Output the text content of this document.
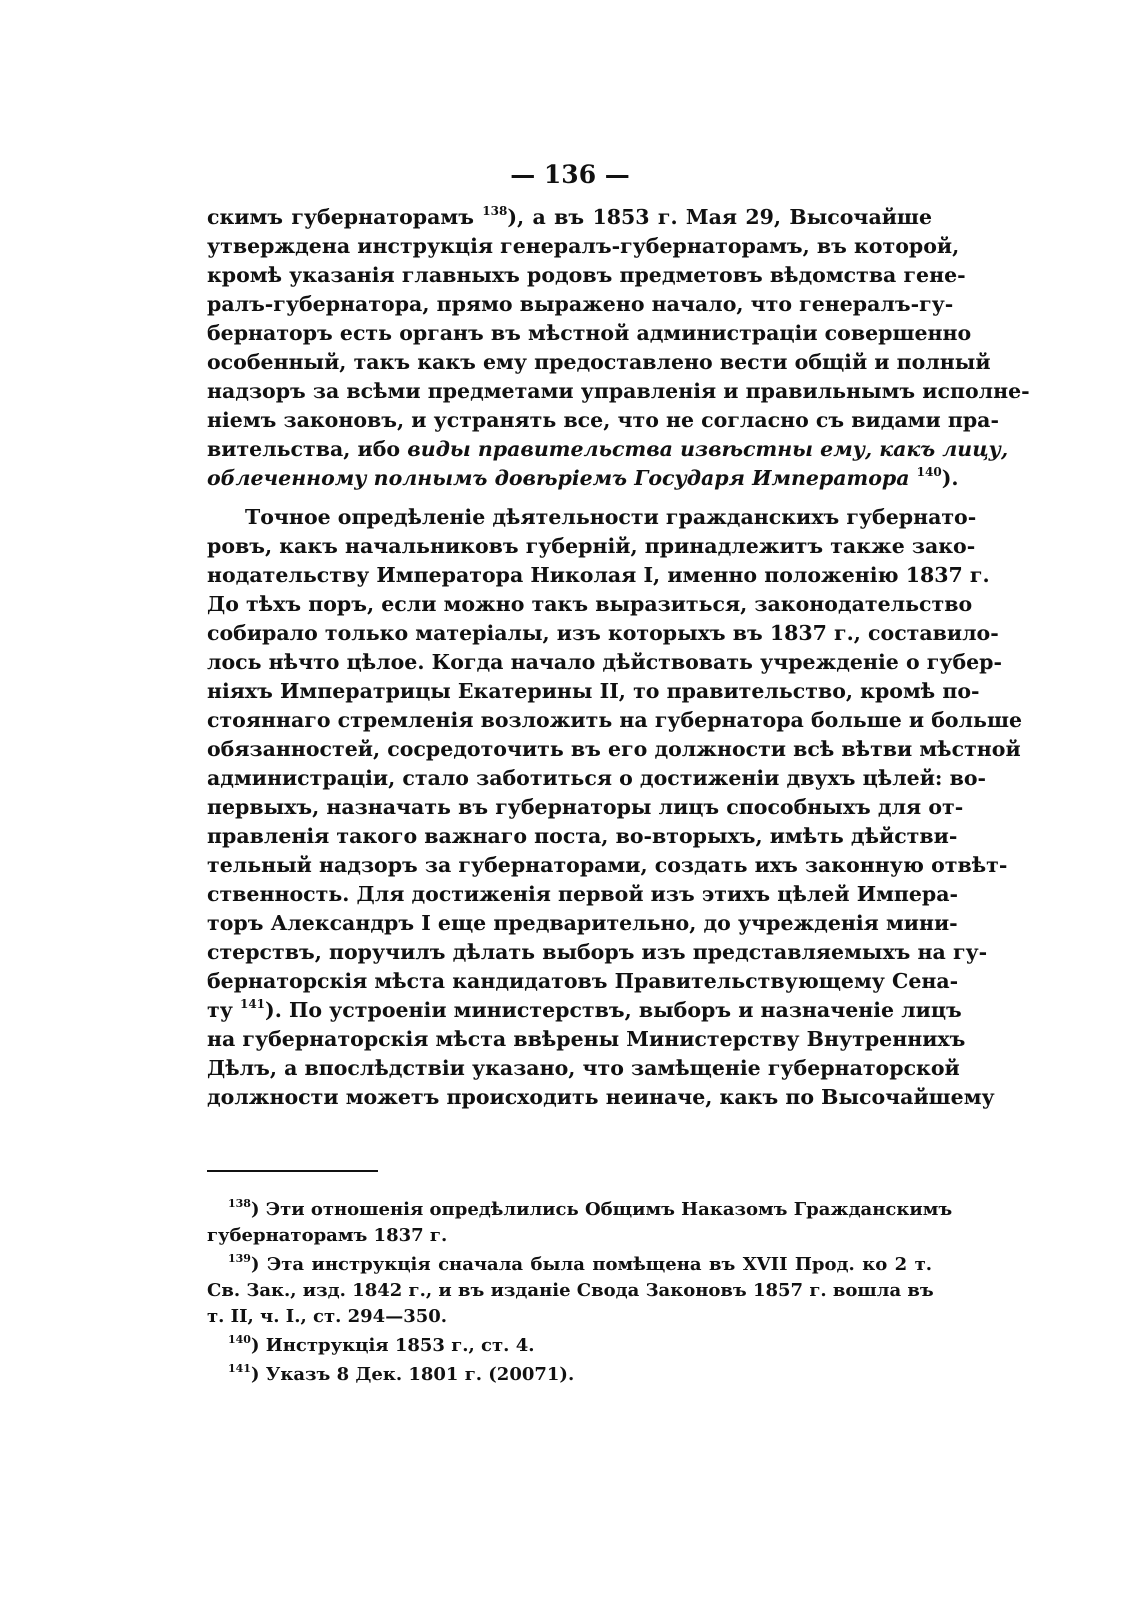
— 136 —
скимъ губернаторамъ $^{138}$), а въ 1853 г. Мая 29, Высочайше
утверждена инструкція генералъ-губернаторамъ, въ которой,
кромѣ указанія главныхъ родовъ предметовъ вѣдомства гене-
ралъ-губернатора, прямо выражено начало, что генералъ-гу-
бернаторъ есть органъ въ мѣстной администраціи совершенно
особенный, такъ какъ ему предоставлено вести общій и полный
надзоръ за всѣми предметами управленія и правильнымъ исполне-
ніемъ законовъ, и устранять все, что не согласно съ видами пра-
вительства, ибо виды правительства извѣстны ему, какъ лицу,
облеченному полнымъ довѣріемъ Государя Императора $^{140}$).
Точное опредѣленіе дѣятельности гражданскихъ губернато-
ровъ, какъ начальниковъ губерній, принадлежитъ также зако-
нодательству Императора Николая I, именно положенію 1837 г.
До тѣхъ поръ, если можно такъ выразиться, законодательство
собирало только матеріалы, изъ которыхъ въ 1837 г., составило-
лось нѣчто цѣлое. Когда начало дѣйствовать учрежденіе о губер-
ніяхъ Императрицы Екатерины II, то правительство, кромѣ по-
стояннаго стремленія возложить на губернатора больше и больше
обязанностей, сосредоточить въ его должности всѣ вѣтви мѣстной
администраціи, стало заботиться о достиженіи двухъ цѣлей: во-
первыхъ, назначать въ губернаторы лицъ способныхъ для от-
правленія такого важнаго поста, во-вторыхъ, имѣть дѣйстви-
тельный надзоръ за губернаторами, создать ихъ законную отвѣт-
ственность. Для достиженія первой изъ этихъ цѣлей Импера-
торъ Александръ I еще предварительно, до учрежденія мини-
стерствъ, поручилъ дѣлать выборъ изъ представляемыхъ на гу-
бернаторскія мѣста кандидатовъ Правительствующему Сена-
ту $^{141}$). По устроеніи министерствъ, выборъ и назначеніе лицъ
на губернаторскія мѣста ввѣрены Министерству Внутреннихъ
Дѣлъ, а впослѣдствіи указано, что замѣщеніе губернаторской
должности можетъ происходить неиначе, какъ по Высочайшему
$^{138}$) Эти отношенія опредѣлились Общимъ Наказомъ Гражданскимъ
губернаторамъ 1837 г.
$^{139}$) Эта инструкція сначала была помѣщена въ XVII Прод. ко 2 т.
Св. Зак., изд. 1842 г., и въ изданіе Свода Законовъ 1857 г. вошла въ
т. II, ч. I., ст. 294—350.
$^{140}$) Инструкція 1853 г., ст. 4.
$^{141}$) Указъ 8 Дек. 1801 г. (20071).
